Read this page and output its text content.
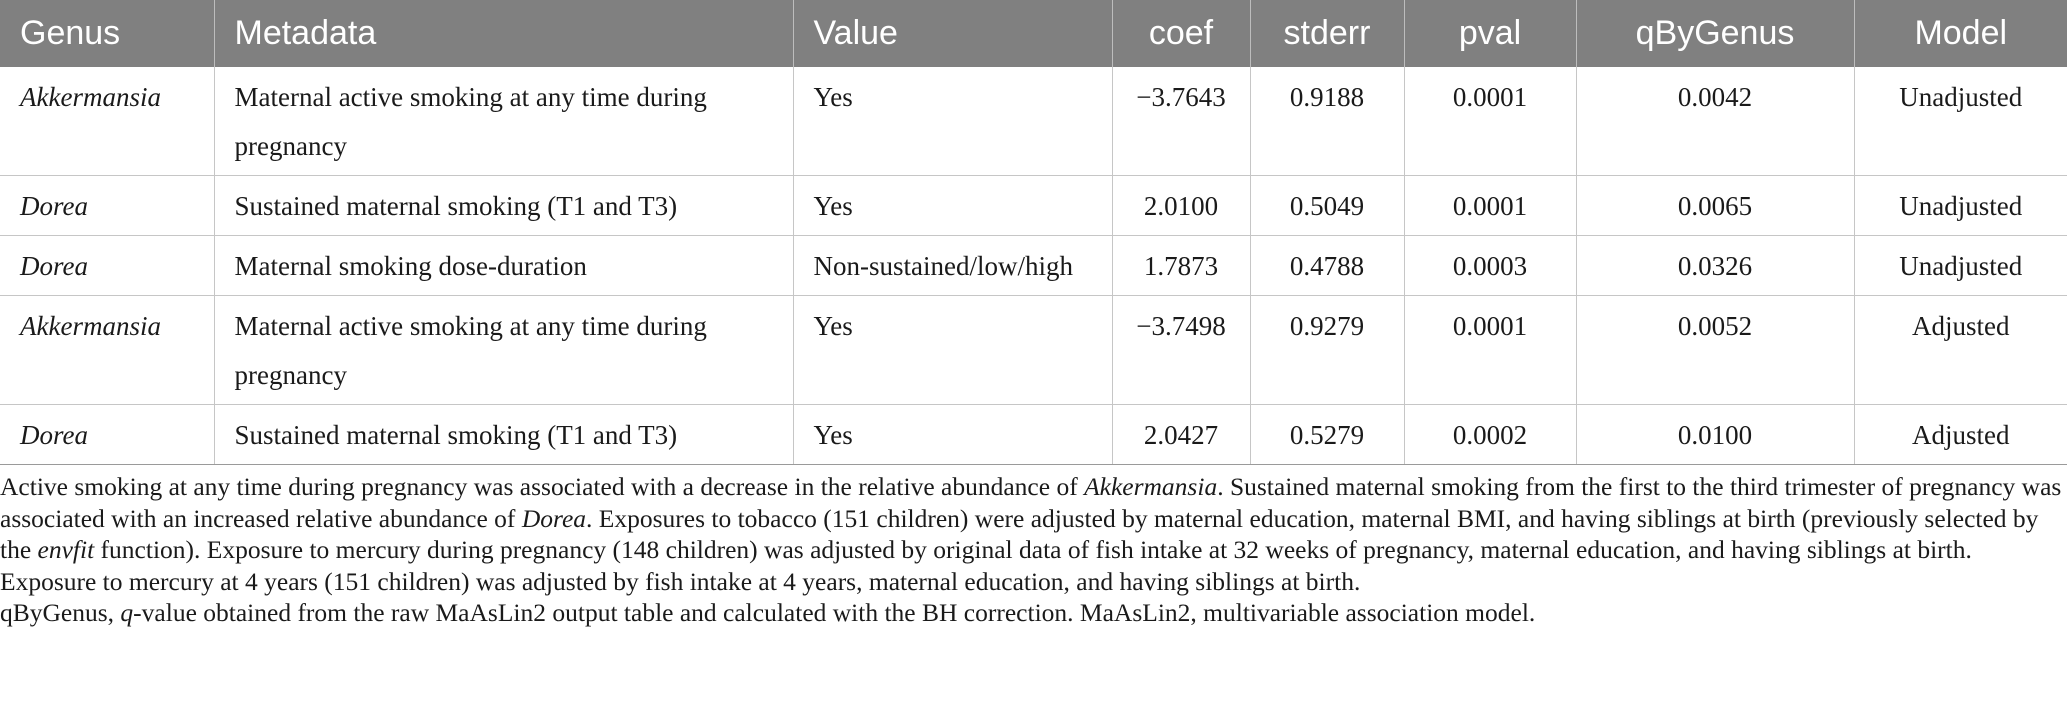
Genus	Metadata	Value	coef	stderr	pval	qByGenus	Model
Akkermansia	Maternal active smoking at any time during pregnancy	Yes	−3.7643	0.9188	0.0001	0.0042	Unadjusted
Dorea	Sustained maternal smoking (T1 and T3)	Yes	2.0100	0.5049	0.0001	0.0065	Unadjusted
Dorea	Maternal smoking dose-duration	Non-sustained/low/high	1.7873	0.4788	0.0003	0.0326	Unadjusted
Akkermansia	Maternal active smoking at any time during pregnancy	Yes	−3.7498	0.9279	0.0001	0.0052	Adjusted
Dorea	Sustained maternal smoking (T1 and T3)	Yes	2.0427	0.5279	0.0002	0.0100	Adjusted

Active smoking at any time during pregnancy was associated with a decrease in the relative abundance of Akkermansia. Sustained maternal smoking from the first to the third trimester of pregnancy was associated with an increased relative abundance of Dorea. Exposures to tobacco (151 children) were adjusted by maternal education, maternal BMI, and having siblings at birth (previously selected by the envfit function). Exposure to mercury during pregnancy (148 children) was adjusted by original data of fish intake at 32 weeks of pregnancy, maternal education, and having siblings at birth. Exposure to mercury at 4 years (151 children) was adjusted by fish intake at 4 years, maternal education, and having siblings at birth.

qByGenus, q-value obtained from the raw MaAsLin2 output table and calculated with the BH correction. MaAsLin2, multivariable association model.
